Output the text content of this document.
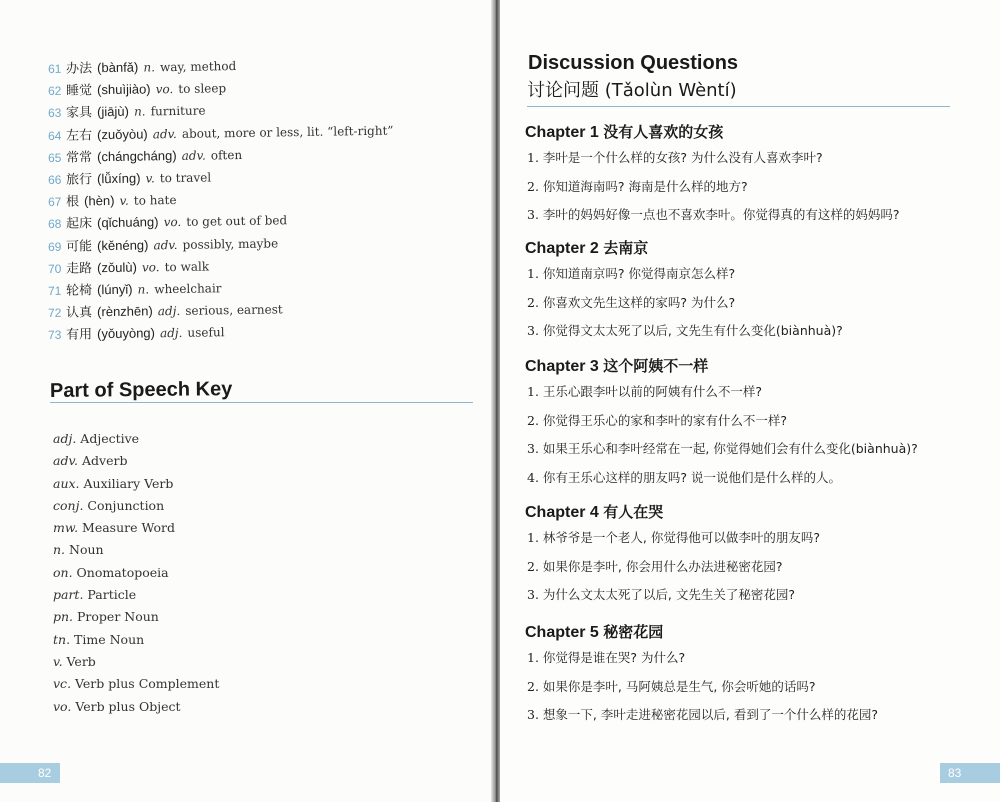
61 办法 (bànfǎ) n. way, method
62 睡觉 (shuìjiào) vo. to sleep
63 家具 (jiājù) n. furniture
64 左右 (zuǒyòu) adv. about, more or less, lit. “left-right”
65 常常 (chángcháng) adv. often
66 旅行 (lǚxíng) v. to travel
67 根 (hèn) v. to hate
68 起床 (qǐchuáng) vo. to get out of bed
69 可能 (kěnéng) adv. possibly, maybe
70 走路 (zǒulù) vo. to walk
71 轮椅 (lúnyǐ) n. wheelchair
72 认真 (rènzhēn) adj. serious, earnest
73 有用 (yǒuyòng) adj. useful
Part of Speech Key
adj. Adjective
adv. Adverb
aux. Auxiliary Verb
conj. Conjunction
mw. Measure Word
n. Noun
on. Onomatopoeia
part. Particle
pn. Proper Noun
tn. Time Noun
v. Verb
vc. Verb plus Complement
vo. Verb plus Object
82
Discussion Questions
讨论问题 (Tǎolùn Wèntí)
Chapter 1 没有人喜欢的女孩
1. 李叶是一个什么样的女孩? 为什么没有人喜欢李叶?
2. 你知道海南吗? 海南是什么样的地方?
3. 李叶的妈妈好像一点也不喜欢李叶。你觉得真的有这样的妈妈吗?
Chapter 2 去南京
1. 你知道南京吗? 你觉得南京怎么样?
2. 你喜欢文先生这样的家吗? 为什么?
3. 你觉得文太太死了以后, 文先生有什么变化(biànhuà)?
Chapter 3 这个阿姨不一样
1. 王乐心跟李叶以前的阿姨有什么不一样?
2. 你觉得王乐心的家和李叶的家有什么不一样?
3. 如果王乐心和李叶经常在一起, 你觉得她们会有什么变化(biànhuà)?
4. 你有王乐心这样的朋友吗? 说一说他们是什么样的人。
Chapter 4 有人在哭
1. 林爷爷是一个老人, 你觉得他可以做李叶的朋友吗?
2. 如果你是李叶, 你会用什么办法进秘密花园?
3. 为什么文太太死了以后, 文先生关了秘密花园?
Chapter 5 秘密花园
1. 你觉得是谁在哭? 为什么?
2. 如果你是李叶, 马阿姨总是生气, 你会听她的话吗?
3. 想象一下, 李叶走进秘密花园以后, 看到了一个什么样的花园?
83
